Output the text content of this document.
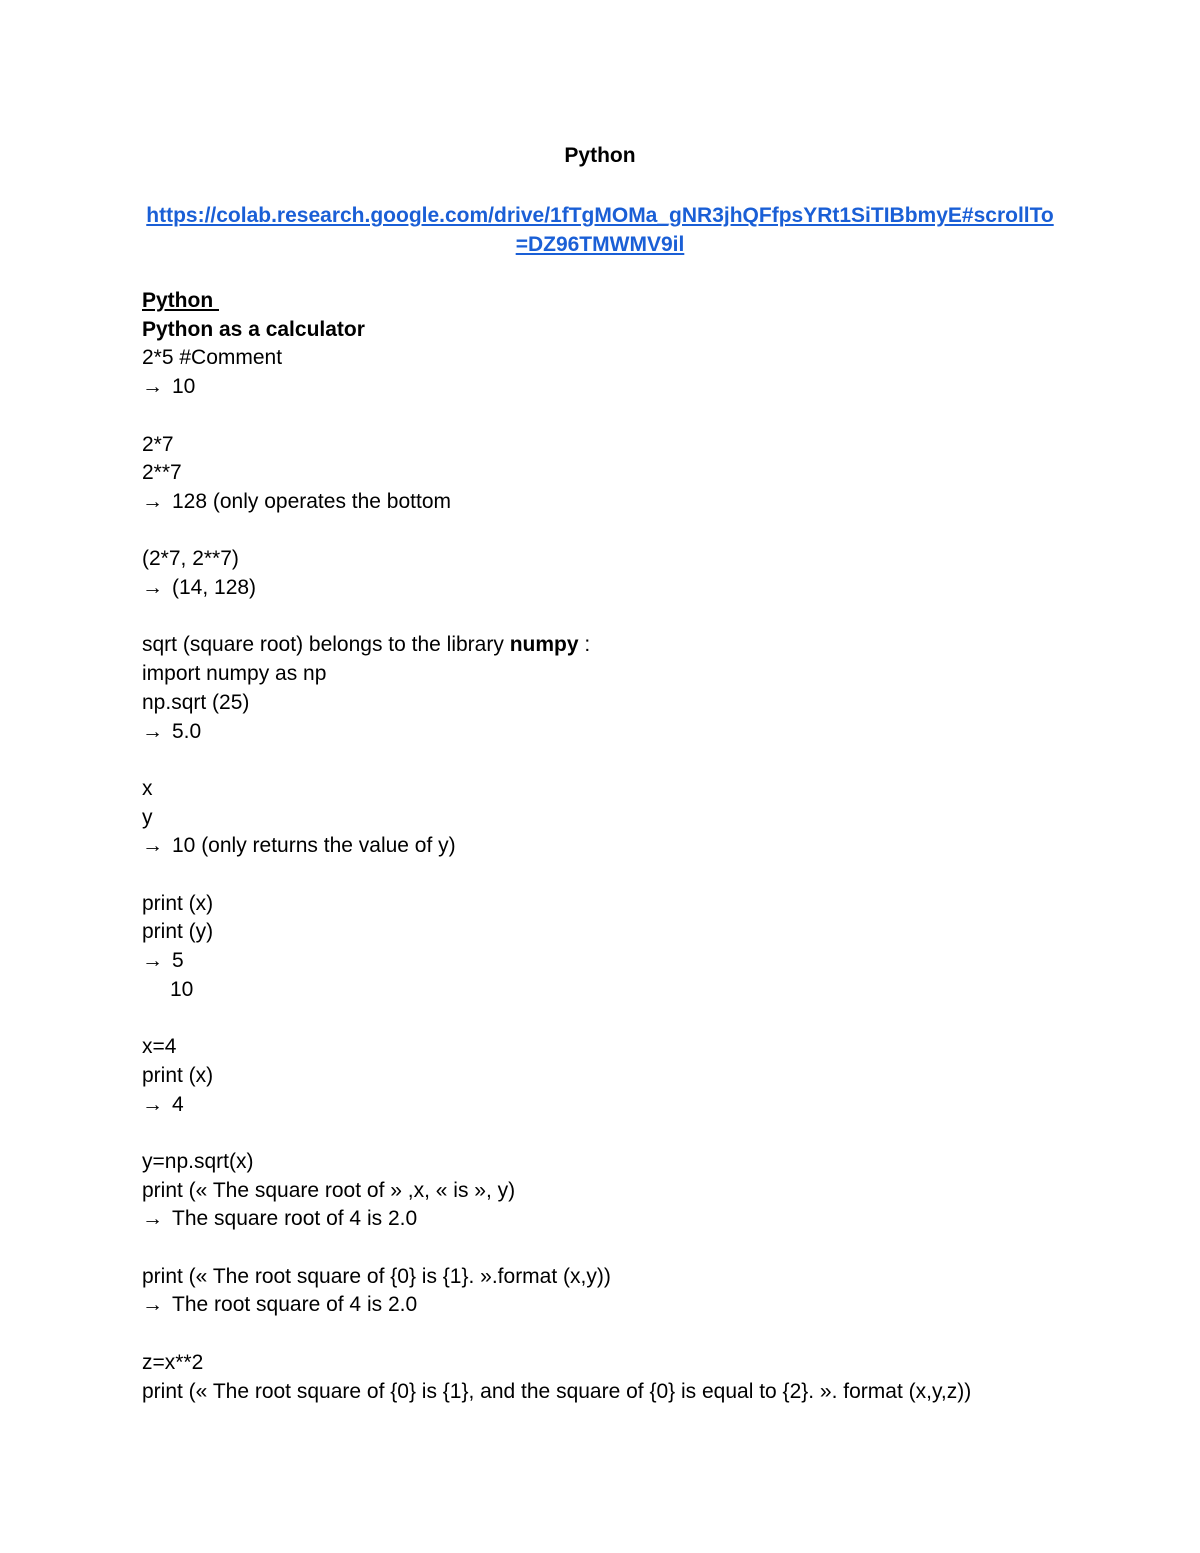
Python
https://colab.research.google.com/drive/1fTgMOMa_gNR3jhQFfpsYRt1SiTIBbmyE#scrollTo=DZ96TMWMV9il
Python
Python as a calculator
2*5 #Comment
→ 10
2*7
2**7
→ 128 (only operates the bottom
(2*7, 2**7)
→ (14, 128)
sqrt (square root) belongs to the library numpy :
import numpy as np
np.sqrt (25)
→ 5.0
x
y
→ 10 (only returns the value of y)
print (x)
print (y)
→ 5
10
x=4
print (x)
→ 4
y=np.sqrt(x)
print (« The square root of » ,x, « is », y)
→ The square root of 4 is 2.0
print (« The root square of {0} is {1}. ».format (x,y))
→ The root square of 4 is 2.0
z=x**2
print (« The root square of {0} is {1}, and the square of {0} is equal to {2}. ». format (x,y,z))
